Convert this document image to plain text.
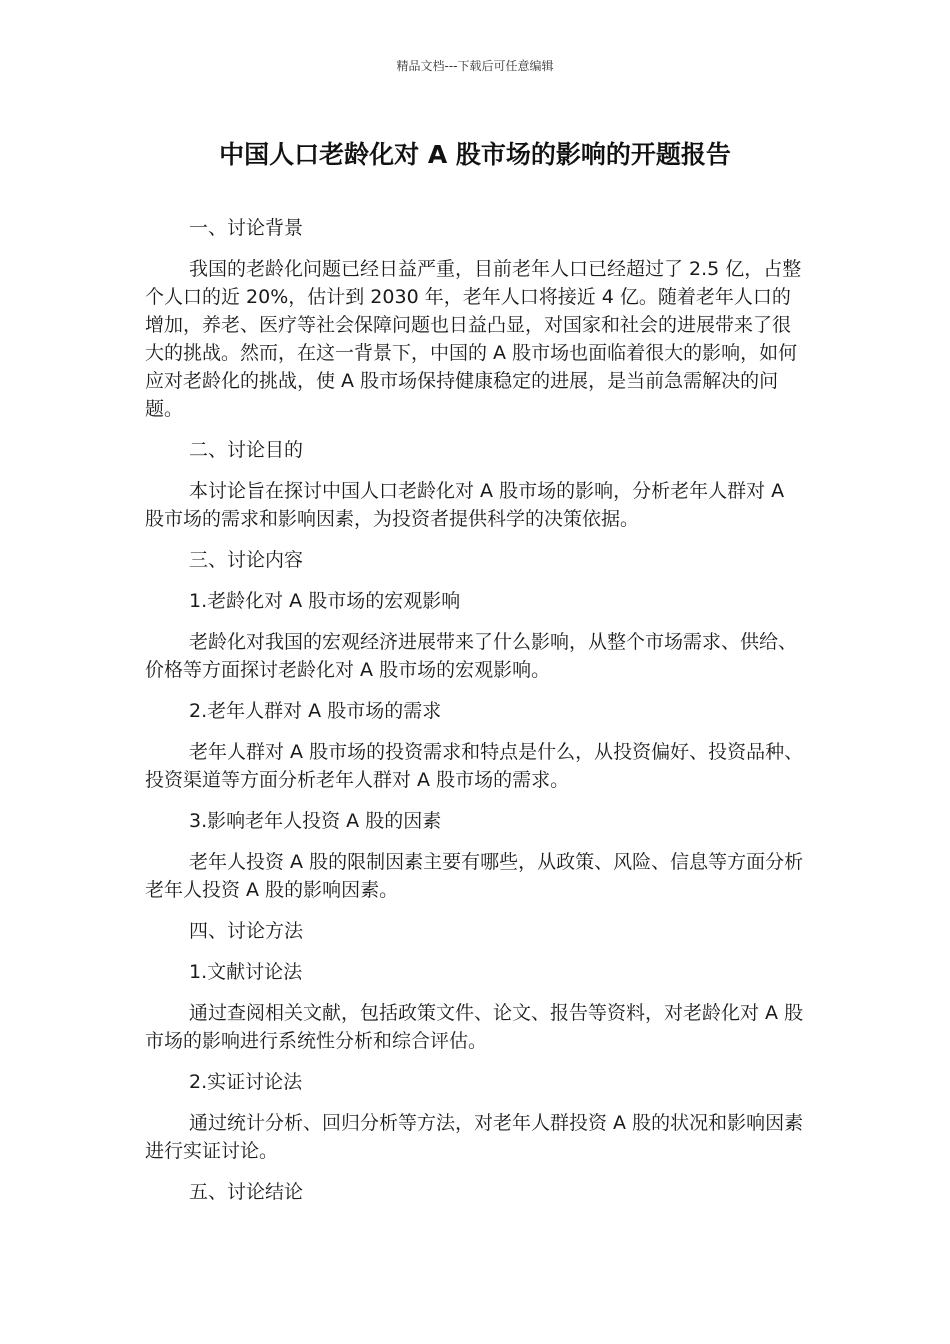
精品文档---下载后可任意编辑
中国人口老龄化对 A 股市场的影响的开题报告

一、讨论背景

我国的老龄化问题已经日益严重，目前老年人口已经超过了 2.5 亿，占整个人口的近 20%，估计到 2030 年，老年人口将接近 4 亿。随着老年人口的增加，养老、医疗等社会保障问题也日益凸显，对国家和社会的进展带来了很大的挑战。然而，在这一背景下，中国的 A 股市场也面临着很大的影响，如何应对老龄化的挑战，使 A 股市场保持健康稳定的进展，是当前急需解决的问题。

二、讨论目的

本讨论旨在探讨中国人口老龄化对 A 股市场的影响，分析老年人群对 A 股市场的需求和影响因素，为投资者提供科学的决策依据。

三、讨论内容

1.老龄化对 A 股市场的宏观影响

老龄化对我国的宏观经济进展带来了什么影响，从整个市场需求、供给、价格等方面探讨老龄化对 A 股市场的宏观影响。

2.老年人群对 A 股市场的需求

老年人群对 A 股市场的投资需求和特点是什么，从投资偏好、投资品种、投资渠道等方面分析老年人群对 A 股市场的需求。

3.影响老年人投资 A 股的因素

老年人投资 A 股的限制因素主要有哪些，从政策、风险、信息等方面分析老年人投资 A 股的影响因素。

四、讨论方法

1.文献讨论法

通过查阅相关文献，包括政策文件、论文、报告等资料，对老龄化对 A 股市场的影响进行系统性分析和综合评估。

2.实证讨论法

通过统计分析、回归分析等方法，对老年人群投资 A 股的状况和影响因素进行实证讨论。

五、讨论结论
